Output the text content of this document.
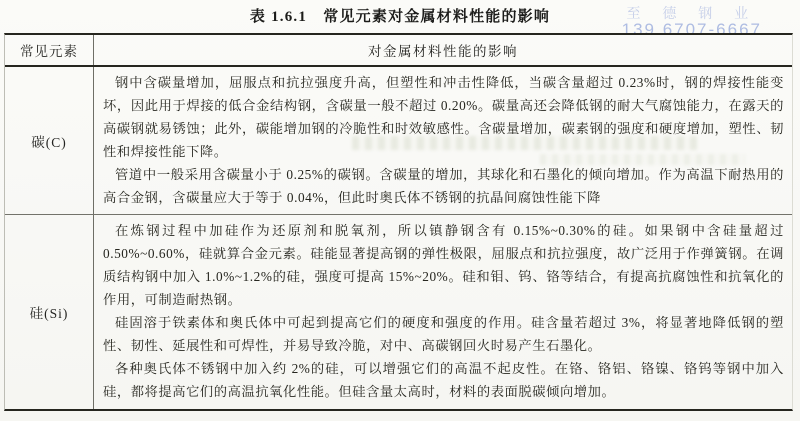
表 1.6.1　常见元素对金属材料性能的影响	至 德 钢 业
139 6707-6667
常见元素	对金属材料性能的影响
碳(C)

钢中含碳量增加，屈服点和抗拉强度升高，但塑性和冲击性降低，当碳含量超过 0.23%时，钢的焊接性能变坏，因此用于焊接的低合金结构钢，含碳量一般不超过 0.20%。碳量高还会降低钢的耐大气腐蚀能力，在露天的高碳钢就易锈蚀；此外，碳能增加钢的冷脆性和时效敏感性。含碳量增加，碳素钢的强度和硬度增加，塑性、韧性和焊接性能下降。

管道中一般采用含碳量小于 0.25%的碳钢。含碳量的增加，其球化和石墨化的倾向增加。作为高温下耐热用的高合金钢，含碳量应大于等于 0.04%，但此时奥氏体不锈钢的抗晶间腐蚀性能下降

硅(Si)

在炼钢过程中加硅作为还原剂和脱氧剂，所以镇静钢含有 0.15%~0.30%的硅。如果钢中含硅量超过 0.50%~0.60%，硅就算合金元素。硅能显著提高钢的弹性极限，屈服点和抗拉强度，故广泛用于作弹簧钢。在调质结构钢中加入 1.0%~1.2%的硅，强度可提高 15%~20%。硅和钼、钨、铬等结合，有提高抗腐蚀性和抗氧化的作用，可制造耐热钢。

硅固溶于铁素体和奥氏体中可起到提高它们的硬度和强度的作用。硅含量若超过 3%，将显著地降低钢的塑性、韧性、延展性和可焊性，并易导致冷脆，对中、高碳钢回火时易产生石墨化。

各种奥氏体不锈钢中加入约 2%的硅，可以增强它们的高温不起皮性。在铬、铬铝、铬镍、铬钨等钢中加入硅，都将提高它们的高温抗氧化性能。但硅含量太高时，材料的表面脱碳倾向增加。
